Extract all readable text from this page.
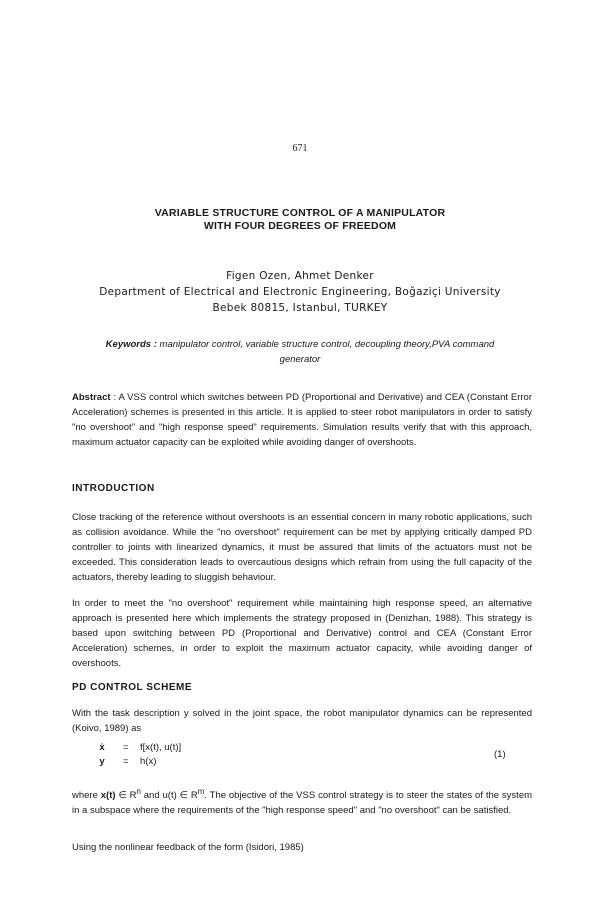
671
VARIABLE STRUCTURE CONTROL OF A MANIPULATOR
WITH FOUR DEGREES OF FREEDOM
Figen Ozen, Ahmet Denker
Department of Electrical and Electronic Engineering, Boğaziçi University
Bebek 80815, Istanbul, TURKEY
Keywords : manipulator control, variable structure control, decoupling theory,PVA command generator
Abstract : A VSS control which switches between PD (Proportional and Derivative) and CEA (Constant Error Acceleration) schemes is presented in this article. It is applied to steer robot manipulators in order to satisfy "no overshoot" and "high response speed" requirements. Simulation results verify that with this approach, maximum actuator capacity can be exploited while avoiding danger of overshoots.
INTRODUCTION
Close tracking of the reference without overshoots is an essential concern in many robotic applications, such as collision avoidance. While the "no overshoot" requirement can be met by applying critically damped PD controller to joints with linearized dynamics, it must be assured that limits of the actuators must not be exceeded. This consideration leads to overcautious designs which refrain from using the full capacity of the actuators, thereby leading to sluggish behaviour.
In order to meet the "no overshoot" requirement while maintaining high response speed, an alternative approach is presented here which implements the strategy proposed in (Denizhan, 1988). This strategy is based upon switching between PD (Proportional and Derivative) control and CEA (Constant Error Acceleration) schemes, in order to exploit the maximum actuator capacity, while avoiding danger of overshoots.
PD CONTROL SCHEME
With the task description y solved in the joint space, the robot manipulator dynamics can be represented (Koivo, 1989) as
ẋ	= f[x(t), u(t)]
y	= h(x)
(1)
where x(t) ∈ $R^n$ and u(t) ∈ $R^m$. The objective of the VSS control strategy is to steer the states of the system in a subspace where the requirements of the "high response speed" and "no overshoot" can be satisfied.
Using the nonlinear feedback of the form (Isidori, 1985)
